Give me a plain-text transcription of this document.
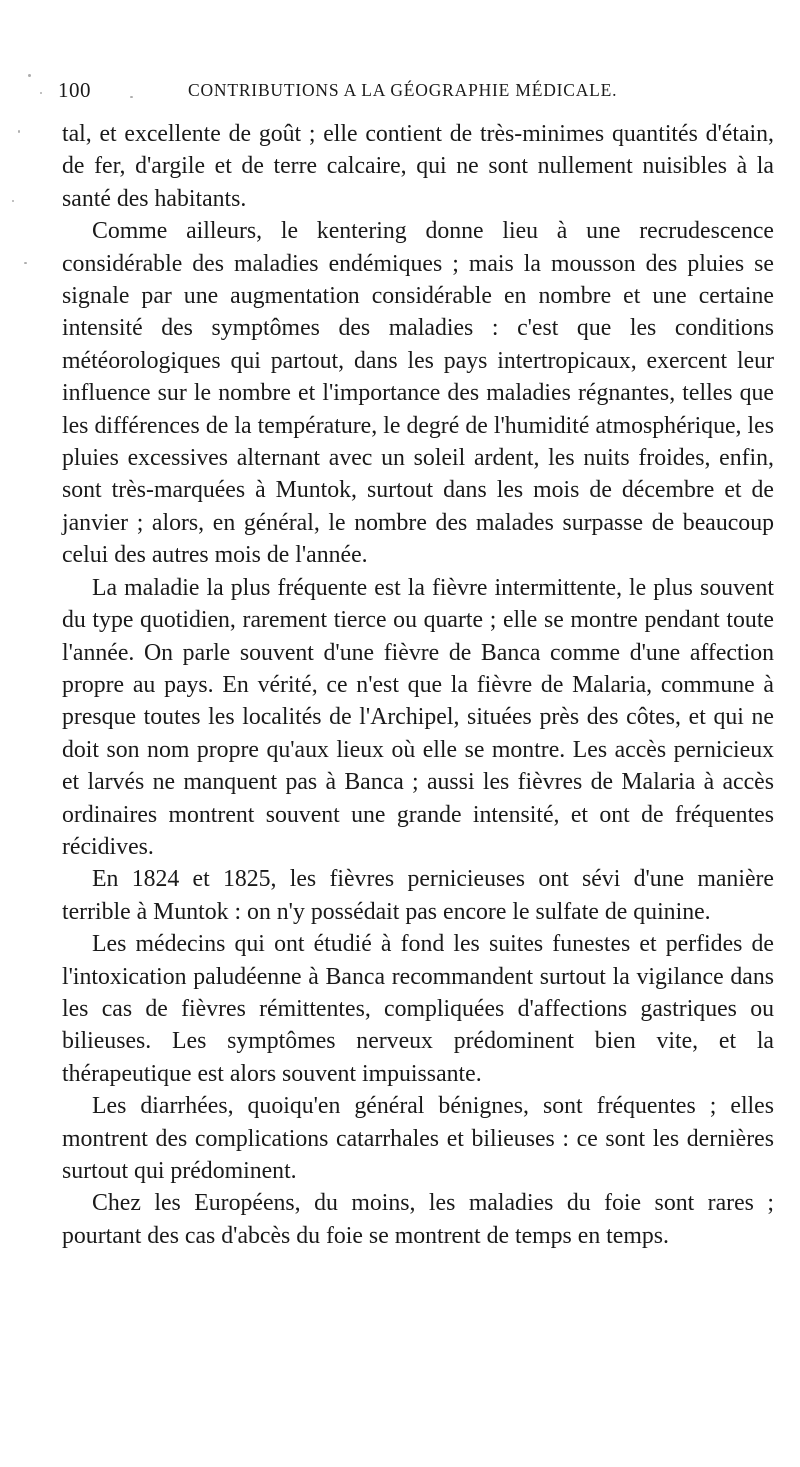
100	CONTRIBUTIONS A LA GÉOGRAPHIE MÉDICALE.

tal, et excellente de goût ; elle contient de très-minimes quantités d'étain, de fer, d'argile et de terre calcaire, qui ne sont nullement nuisibles à la santé des habitants.

Comme ailleurs, le kentering donne lieu à une recrudescence considérable des maladies endémiques ; mais la mousson des pluies se signale par une augmentation considérable en nombre et une certaine intensité des symptômes des maladies : c'est que les conditions météorologiques qui partout, dans les pays intertropicaux, exercent leur influence sur le nombre et l'importance des maladies régnantes, telles que les différences de la température, le degré de l'humidité atmosphérique, les pluies excessives alternant avec un soleil ardent, les nuits froides, enfin, sont très-marquées à Muntok, surtout dans les mois de décembre et de janvier ; alors, en général, le nombre des malades surpasse de beaucoup celui des autres mois de l'année.

La maladie la plus fréquente est la fièvre intermittente, le plus souvent du type quotidien, rarement tierce ou quarte ; elle se montre pendant toute l'année. On parle souvent d'une fièvre de Banca comme d'une affection propre au pays. En vérité, ce n'est que la fièvre de Malaria, commune à presque toutes les localités de l'Archipel, situées près des côtes, et qui ne doit son nom propre qu'aux lieux où elle se montre. Les accès pernicieux et larvés ne manquent pas à Banca ; aussi les fièvres de Malaria à accès ordinaires montrent souvent une grande intensité, et ont de fréquentes récidives.

En 1824 et 1825, les fièvres pernicieuses ont sévi d'une manière terrible à Muntok : on n'y possédait pas encore le sulfate de quinine.

Les médecins qui ont étudié à fond les suites funestes et perfides de l'intoxication paludéenne à Banca recommandent surtout la vigilance dans les cas de fièvres rémittentes, compliquées d'affections gastriques ou bilieuses. Les symptômes nerveux prédominent bien vite, et la thérapeutique est alors souvent impuissante.

Les diarrhées, quoiqu'en général bénignes, sont fréquentes ; elles montrent des complications catarrhales et bilieuses : ce sont les dernières surtout qui prédominent.

Chez les Européens, du moins, les maladies du foie sont rares ; pourtant des cas d'abcès du foie se montrent de temps en temps.
